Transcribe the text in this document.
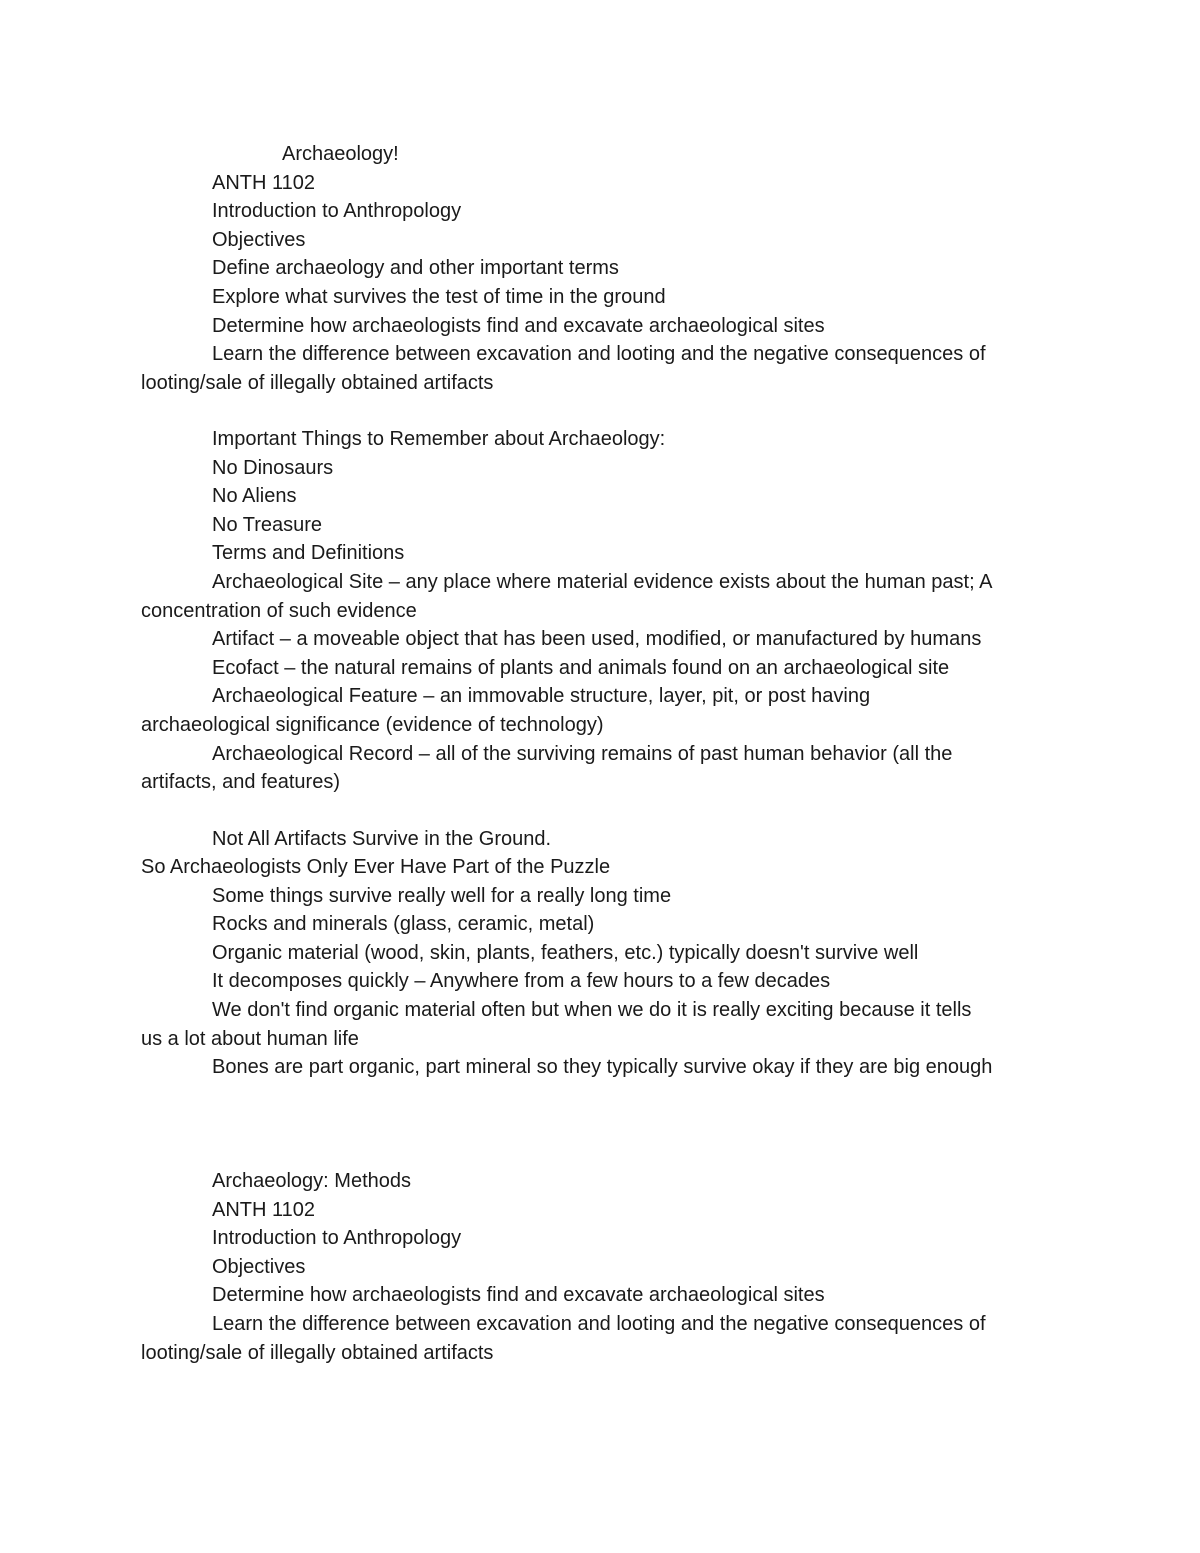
Archaeology!

ANTH 1102

Introduction to Anthropology

Objectives

Define archaeology and other important terms

Explore what survives the test of time in the ground

Determine how archaeologists find and excavate archaeological sites

Learn the difference between excavation and looting and the negative consequences of

looting/sale of illegally obtained artifacts

Important Things to Remember about Archaeology:

No Dinosaurs

No Aliens

No Treasure

Terms and Definitions

Archaeological Site – any place where material evidence exists about the human past; A

concentration of such evidence

Artifact – a moveable object that has been used, modified, or manufactured by humans

Ecofact – the natural remains of plants and animals found on an archaeological site

Archaeological Feature – an immovable structure, layer, pit, or post having

archaeological significance (evidence of technology)

Archaeological Record – all of the surviving remains of past human behavior (all the

artifacts, and features)

Not All Artifacts Survive in the Ground.

So Archaeologists Only Ever Have Part of the Puzzle

Some things survive really well for a really long time

Rocks and minerals (glass, ceramic, metal)

Organic material (wood, skin, plants, feathers, etc.) typically doesn't survive well

It decomposes quickly – Anywhere from a few hours to a few decades

We don't find organic material often but when we do it is really exciting because it tells

us a lot about human life

Bones are part organic, part mineral so they typically survive okay if they are big enough

Archaeology: Methods

ANTH 1102

Introduction to Anthropology

Objectives

Determine how archaeologists find and excavate archaeological sites

Learn the difference between excavation and looting and the negative consequences of

looting/sale of illegally obtained artifacts
